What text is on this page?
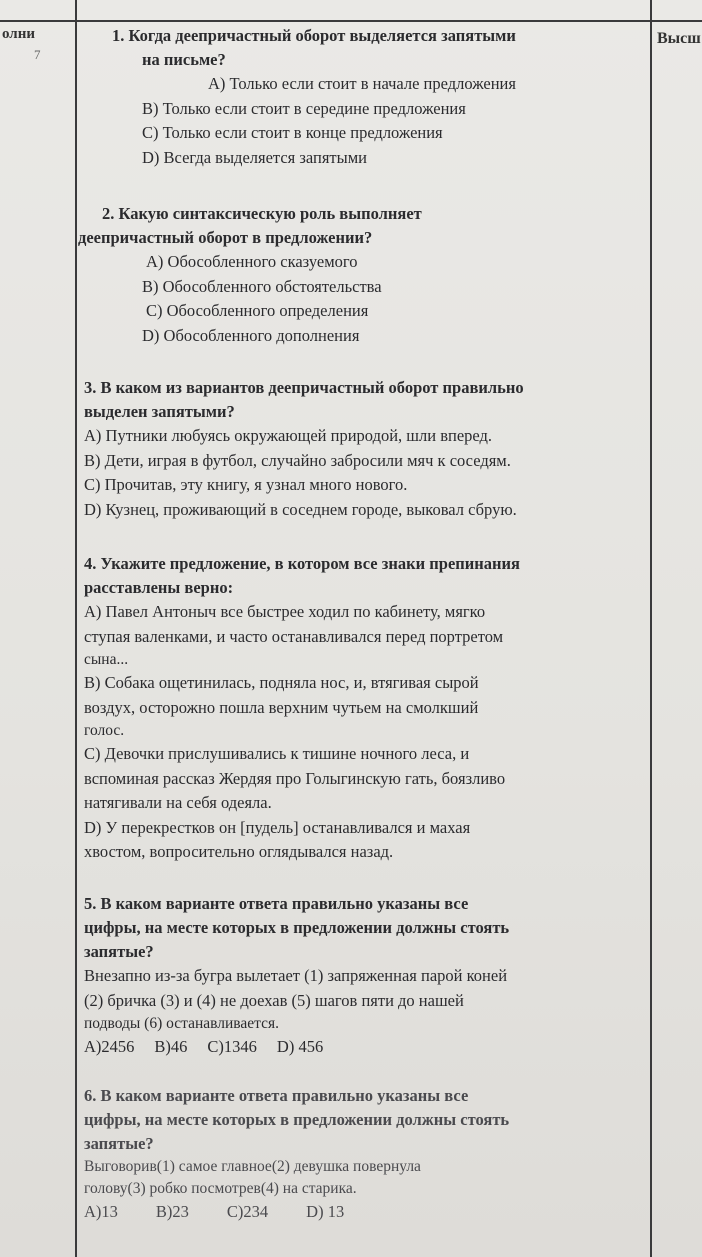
олни
7
Высш
1. Когда деепричастный оборот выделяется запятыми
на письме?
А) Только если стоит в начале предложения
В) Только если стоит в середине предложения
С) Только если стоит в конце предложения
D) Всегда выделяется запятыми
2. Какую синтаксическую роль выполняет
деепричастный оборот в предложении?
А) Обособленного сказуемого
В) Обособленного обстоятельства
С) Обособленного определения
D) Обособленного дополнения
3. В каком из вариантов деепричастный оборот правильно
выделен запятыми?
А) Путники любуясь окружающей природой, шли вперед.
В) Дети, играя в футбол, случайно забросили мяч к соседям.
С) Прочитав, эту книгу, я узнал много нового.
D) Кузнец, проживающий в соседнем городе, выковал сбрую.
4. Укажите предложение, в котором все знаки препинания
расставлены верно:
А) Павел Антоныч все быстрее ходил по кабинету, мягко
ступая валенками, и часто останавливался перед портретом
сына...
В) Собака ощетинилась, подняла нос, и, втягивая сырой
воздух, осторожно пошла верхним чутьем на смолкший
голос.
С) Девочки прислушивались к тишине ночного леса, и
вспоминая рассказ Жердяя про Голыгинскую гать, боязливо
натягивали на себя одеяла.
D) У перекрестков он [пудель] останавливался и махая
хвостом, вопросительно оглядывался назад.
5. В каком варианте ответа правильно указаны все
цифры, на месте которых в предложении должны стоять
запятые?
Внезапно из-за бугра вылетает (1) запряженная парой коней
(2) бричка (3) и (4) не доехав (5) шагов пяти до нашей
подводы (6) останавливается.
А)2456 В)46 С)1346 D) 456
6. В каком варианте ответа правильно указаны все
цифры, на месте которых в предложении должны стоять
запятые?
Выговорив(1) самое главное(2) девушка повернула
голову(3) робко посмотрев(4) на старика.
А)13 В)23 С)234 D) 13
